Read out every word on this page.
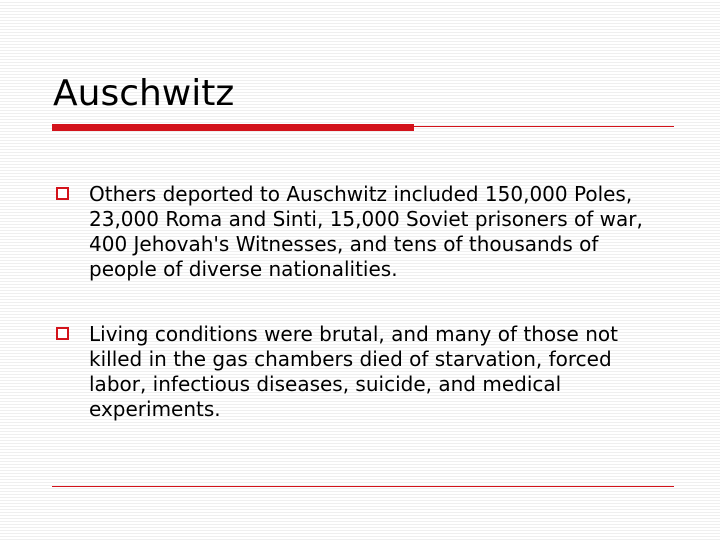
Auschwitz
Others deported to Auschwitz included 150,000 Poles, 23,000 Roma and Sinti, 15,000 Soviet prisoners of war, 400 Jehovah's Witnesses, and tens of thousands of people of diverse nationalities.
Living conditions were brutal, and many of those not killed in the gas chambers died of starvation, forced labor, infectious diseases, suicide, and medical experiments.
